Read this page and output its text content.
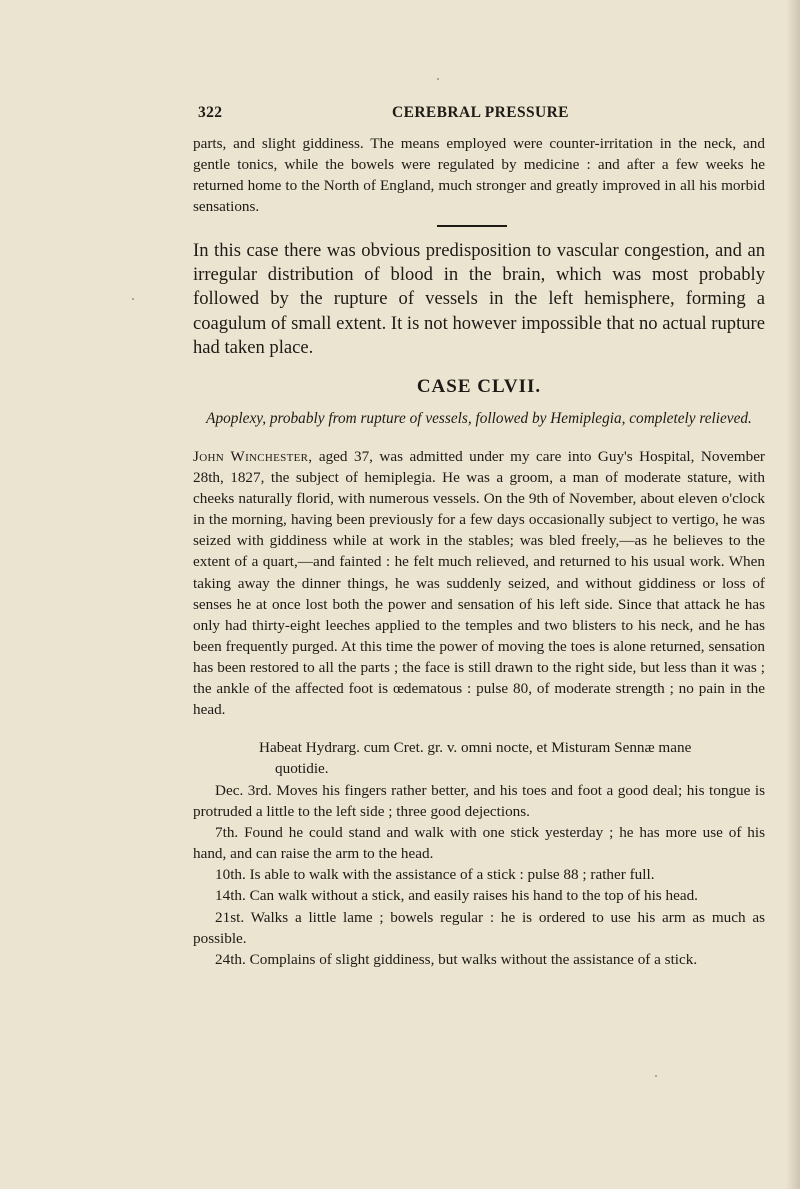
322	CEREBRAL PRESSURE

parts, and slight giddiness. The means employed were counter-irritation in the neck, and gentle tonics, while the bowels were regulated by medicine : and after a few weeks he returned home to the North of England, much stronger and greatly improved in all his morbid sensations.

In this case there was obvious predisposition to vascular congestion, and an irregular distribution of blood in the brain, which was most probably followed by the rupture of vessels in the left hemisphere, forming a coagulum of small extent. It is not however impossible that no actual rupture had taken place.

CASE CLVII.

Apoplexy, probably from rupture of vessels, followed by Hemiplegia, completely relieved.

John Winchester, aged 37, was admitted under my care into Guy's Hospital, November 28th, 1827, the subject of hemiplegia. He was a groom, a man of moderate stature, with cheeks naturally florid, with numerous vessels. On the 9th of November, about eleven o'clock in the morning, having been previously for a few days occasionally subject to vertigo, he was seized with giddiness while at work in the stables; was bled freely,—as he believes to the extent of a quart,—and fainted : he felt much relieved, and returned to his usual work. When taking away the dinner things, he was suddenly seized, and without giddiness or loss of senses he at once lost both the power and sensation of his left side. Since that attack he has only had thirty-eight leeches applied to the temples and two blisters to his neck, and he has been frequently purged. At this time the power of moving the toes is alone returned, sensation has been restored to all the parts ; the face is still drawn to the right side, but less than it was ; the ankle of the affected foot is œdematous : pulse 80, of moderate strength ; no pain in the head.

Habeat Hydrarg. cum Cret. gr. v. omni nocte, et Misturam Sennæ mane
quotidie.

Dec. 3rd. Moves his fingers rather better, and his toes and foot a good deal; his tongue is protruded a little to the left side ; three good dejections.
7th. Found he could stand and walk with one stick yesterday ; he has more use of his hand, and can raise the arm to the head.
10th. Is able to walk with the assistance of a stick : pulse 88 ; rather full.
14th. Can walk without a stick, and easily raises his hand to the top of his head.
21st. Walks a little lame ; bowels regular : he is ordered to use his arm as much as possible.
24th. Complains of slight giddiness, but walks without the assistance of a stick.
